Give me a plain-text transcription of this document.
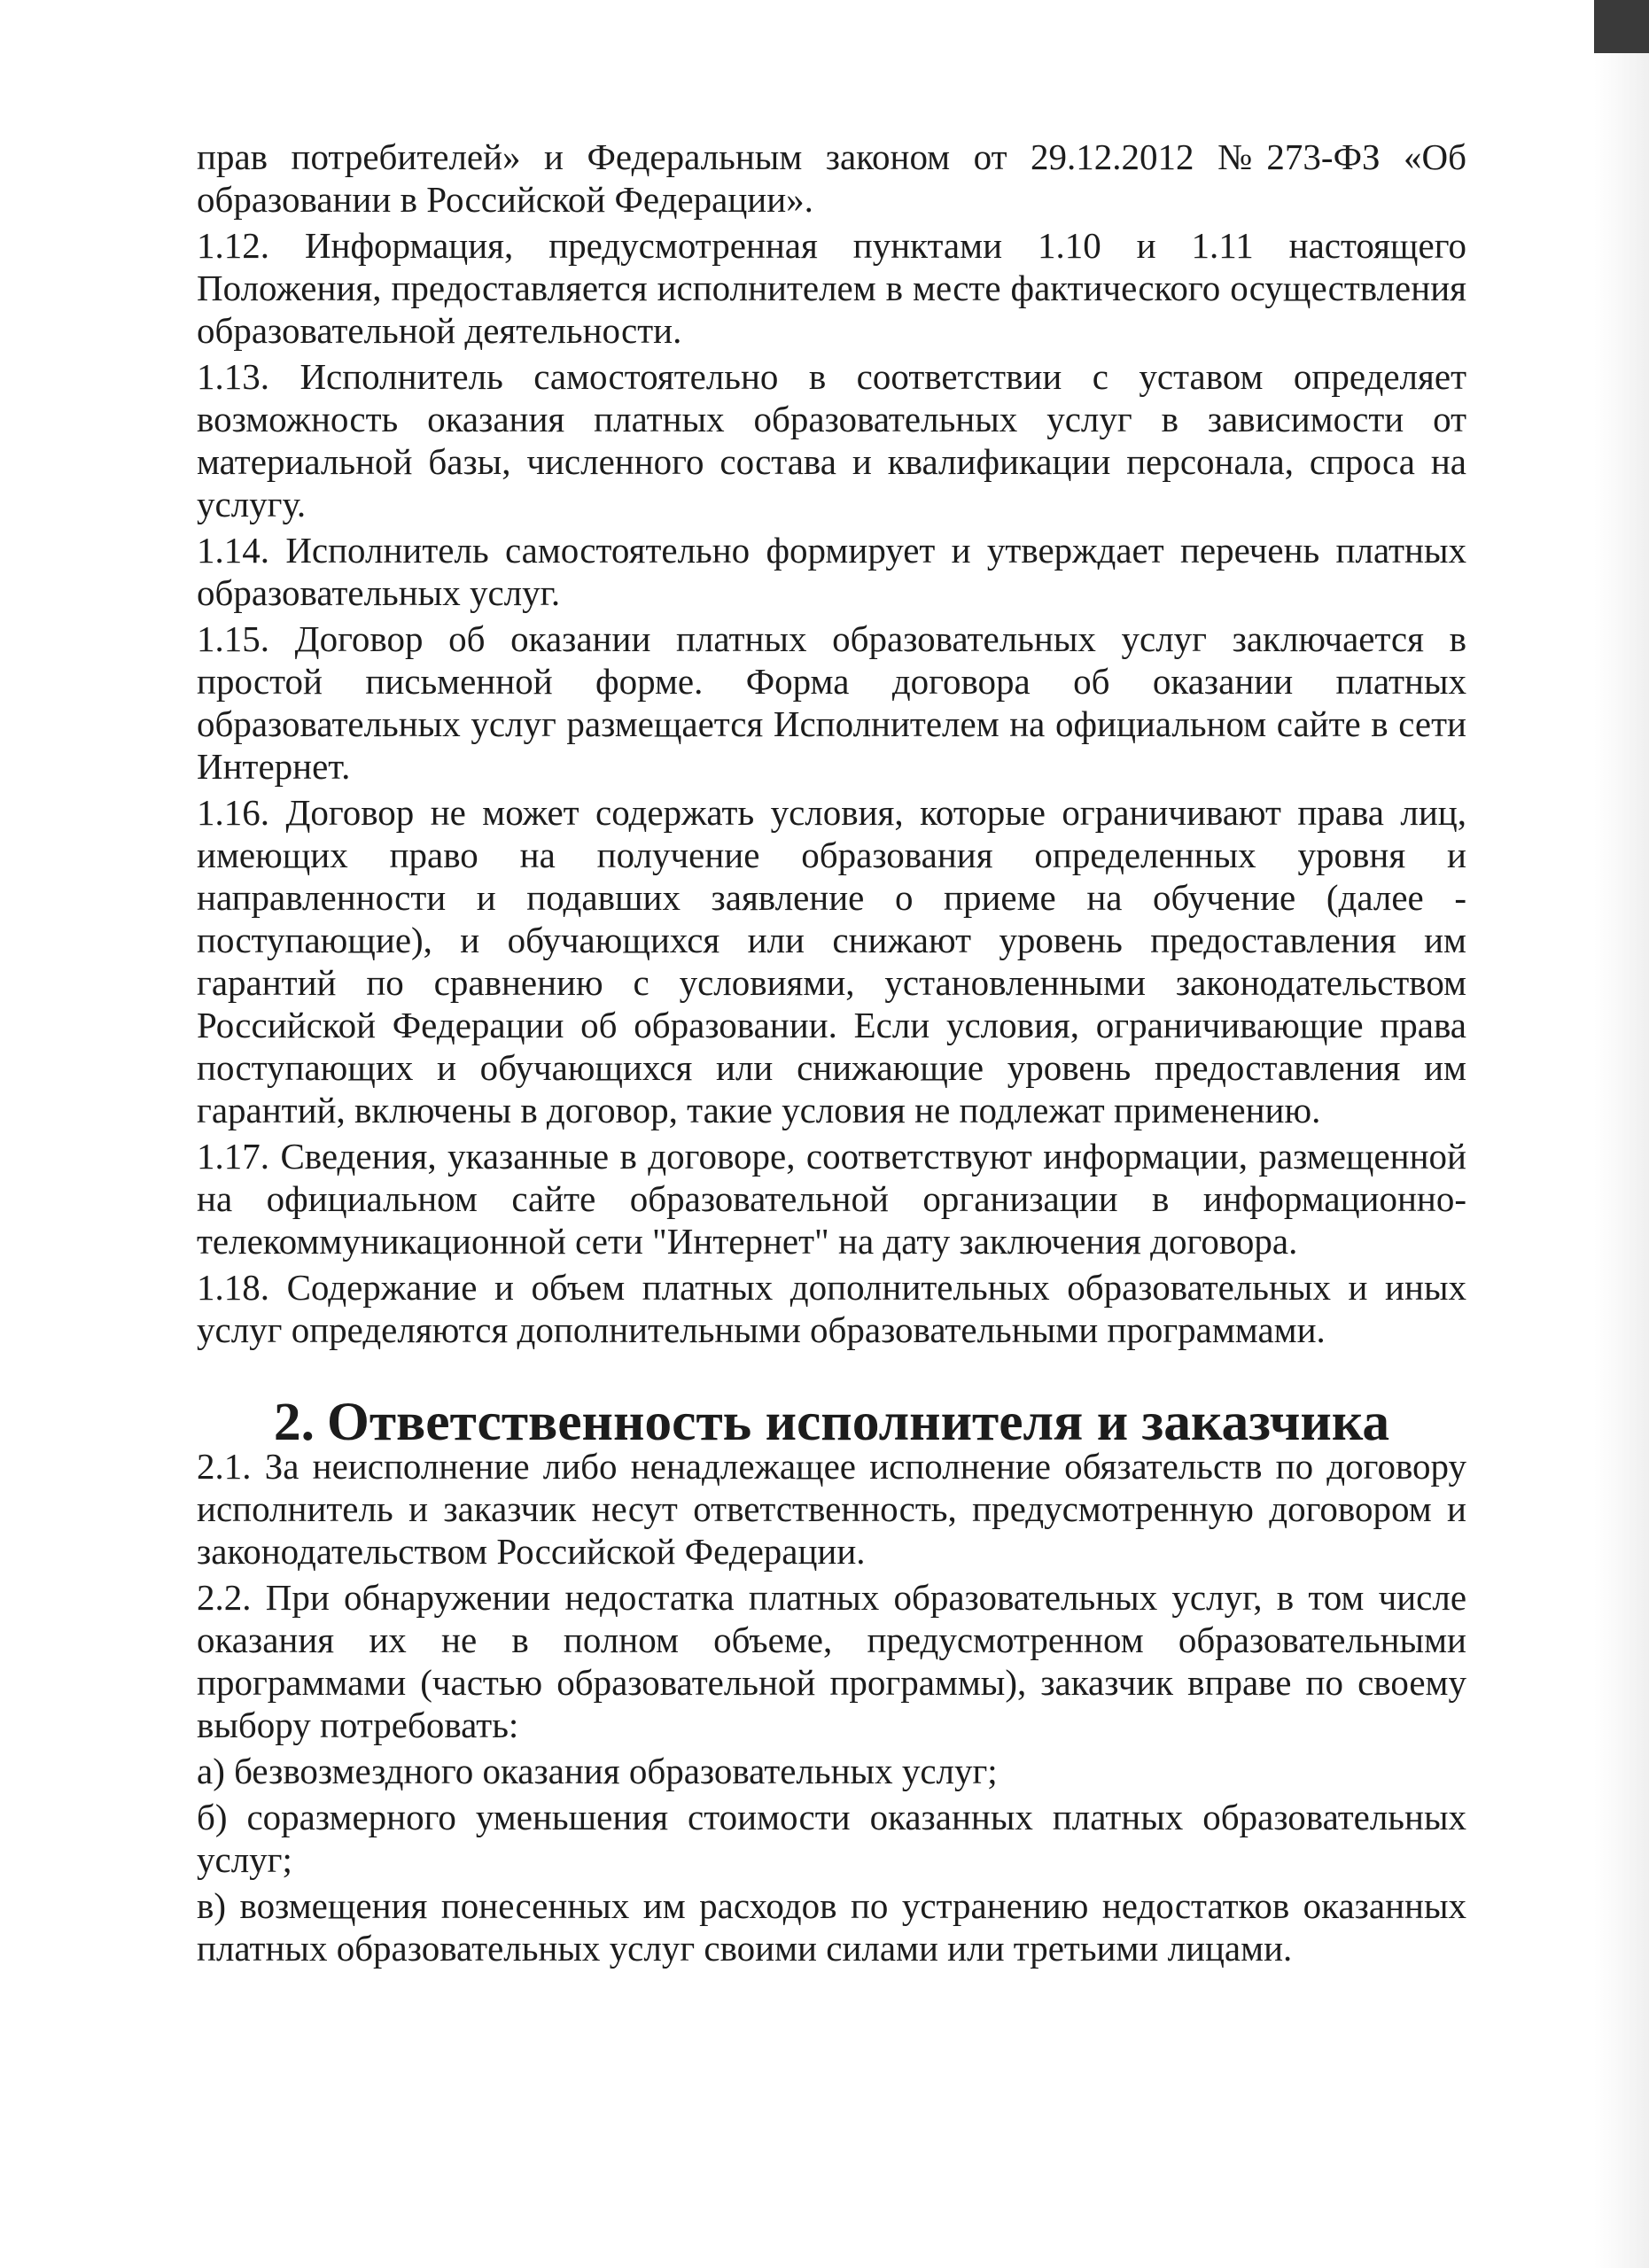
прав потребителей» и Федеральным законом от 29.12.2012 №273-ФЗ «Об образовании в Российской Федерации».

1.12. Информация, предусмотренная пунктами 1.10 и 1.11 настоящего Положения, предоставляется исполнителем в месте фактического осуществления образовательной деятельности.

1.13. Исполнитель самостоятельно в соответствии с уставом определяет возможность оказания платных образовательных услуг в зависимости от материальной базы, численного состава и квалификации персонала, спроса на услугу.

1.14. Исполнитель самостоятельно формирует и утверждает перечень платных образовательных услуг.

1.15. Договор об оказании платных образовательных услуг заключается в простой письменной форме. Форма договора об оказании платных образовательных услуг размещается Исполнителем на официальном сайте в сети Интернет.

1.16. Договор не может содержать условия, которые ограничивают права лиц, имеющих право на получение образования определенных уровня и направленности и подавших заявление о приеме на обучение (далее - поступающие), и обучающихся или снижают уровень предоставления им гарантий по сравнению с условиями, установленными законодательством Российской Федерации об образовании. Если условия, ограничивающие права поступающих и обучающихся или снижающие уровень предоставления им гарантий, включены в договор, такие условия не подлежат применению.

1.17. Сведения, указанные в договоре, соответствуют информации, размещенной на официальном сайте образовательной организации в информационно-телекоммуникационной сети "Интернет" на дату заключения договора.

1.18. Содержание и объем платных дополнительных образовательных и иных услуг определяются дополнительными образовательными программами.

2. Ответственность исполнителя и заказчика

2.1. За неисполнение либо ненадлежащее исполнение обязательств по договору исполнитель и заказчик несут ответственность, предусмотренную договором и законодательством Российской Федерации.

2.2. При обнаружении недостатка платных образовательных услуг, в том числе оказания их не в полном объеме, предусмотренном образовательными программами (частью образовательной программы), заказчик вправе по своему выбору потребовать:

а) безвозмездного оказания образовательных услуг;

б) соразмерного уменьшения стоимости оказанных платных образовательных услуг;

в) возмещения понесенных им расходов по устранению недостатков оказанных платных образовательных услуг своими силами или третьими лицами.
